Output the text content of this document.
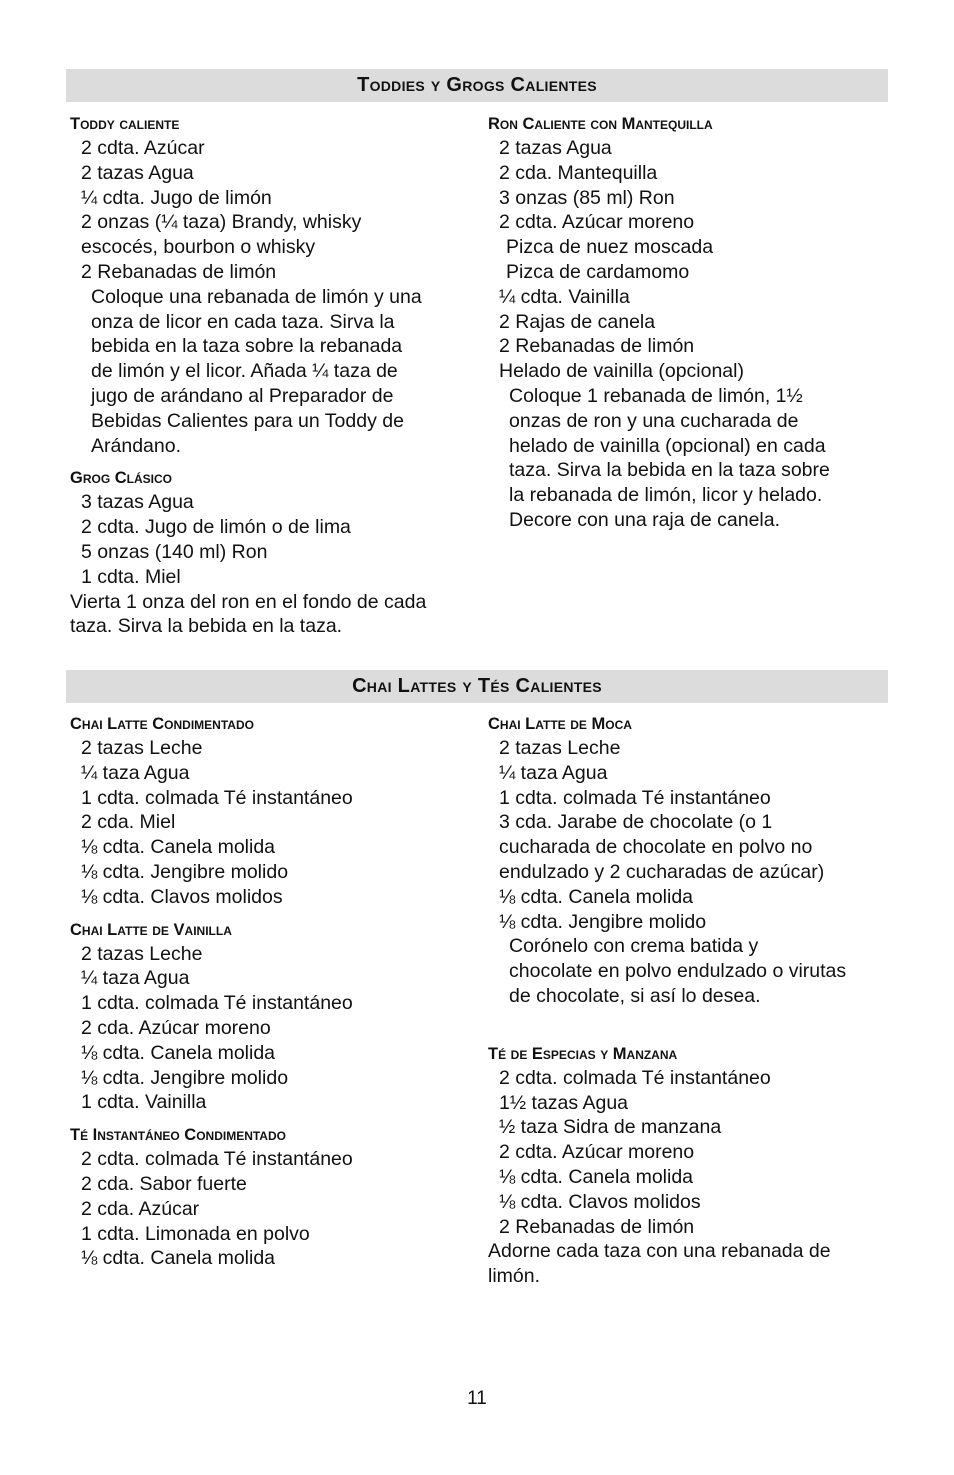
Toddies y Grogs Calientes

Toddy caliente

2 cdta. Azúcar
2 tazas Agua
¼ cdta. Jugo de limón
2 onzas (¼ taza) Brandy, whisky
escocés, bourbon o whisky
2 Rebanadas de limón
Coloque una rebanada de limón y una
onza de licor en cada taza. Sirva la
bebida en la taza sobre la rebanada
de limón y el licor. Añada ¼ taza de
jugo de arándano al Preparador de
Bebidas Calientes para un Toddy de
Arándano.

Grog Clásico

3 tazas Agua
2 cdta. Jugo de limón o de lima
5 onzas (140 ml) Ron
1 cdta. Miel
Vierta 1 onza del ron en el fondo de cada
taza. Sirva la bebida en la taza.

Ron Caliente con Mantequilla

2 tazas Agua
2 cda. Mantequilla
3 onzas (85 ml) Ron
2 cdta. Azúcar moreno
Pizca de nuez moscada
Pizca de cardamomo
¼ cdta. Vainilla
2 Rajas de canela
2 Rebanadas de limón
Helado de vainilla (opcional)
Coloque 1 rebanada de limón, 1½
onzas de ron y una cucharada de
helado de vainilla (opcional) en cada
taza. Sirva la bebida en la taza sobre
la rebanada de limón, licor y helado.
Decore con una raja de canela.
Chai Lattes y Tés Calientes

Chai Latte Condimentado

2 tazas Leche
¼ taza Agua
1 cdta. colmada Té instantáneo
2 cda. Miel
⅛ cdta. Canela molida
⅛ cdta. Jengibre molido
⅛ cdta. Clavos molidos

Chai Latte de Vainilla

2 tazas Leche
¼ taza Agua
1 cdta. colmada Té instantáneo
2 cda. Azúcar moreno
⅛ cdta. Canela molida
⅛ cdta. Jengibre molido
1 cdta. Vainilla

Té Instantáneo Condimentado

2 cdta. colmada Té instantáneo
2 cda. Sabor fuerte
2 cda. Azúcar
1 cdta. Limonada en polvo
⅛ cdta. Canela molida

Chai Latte de Moca

2 tazas Leche
¼ taza Agua
1 cdta. colmada Té instantáneo
3 cda. Jarabe de chocolate (o 1
cucharada de chocolate en polvo no
endulzado y 2 cucharadas de azúcar)
⅛ cdta. Canela molida
⅛ cdta. Jengibre molido
Corónelo con crema batida y
chocolate en polvo endulzado o virutas
de chocolate, si así lo desea.

Té de Especias y Manzana

2 cdta. colmada Té instantáneo
1½ tazas Agua
½ taza Sidra de manzana
2 cdta. Azúcar moreno
⅛ cdta. Canela molida
⅛ cdta. Clavos molidos
2 Rebanadas de limón
Adorne cada taza con una rebanada de
limón.
11
